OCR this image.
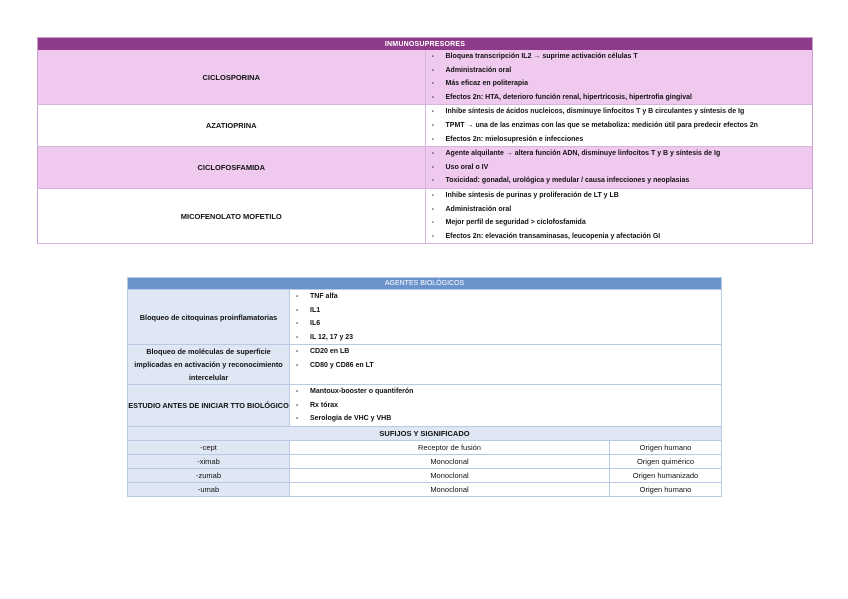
INMUNOSUPRESORES	
CICLOSPORINA	- Bloquea transcripción IL2 → suprime activación células T
- Administración oral
- Más eficaz en politerapia
- Efectos 2n: HTA, deterioro función renal, hipertricosis, hipertrofia gingival

AZATIOPRINA	- Inhibe síntesis de ácidos nucleicos, disminuye linfocitos T y B circulantes y síntesis de Ig
- TPMT → una de las enzimas con las que se metaboliza: medición útil para predecir efectos 2n
- Efectos 2n: mielosupresión e infecciones

CICLOFOSFAMIDA	- Agente alquilante → altera función ADN, disminuye linfocitos T y B y síntesis de Ig
- Uso oral o IV
- Toxicidad: gonadal, urológica y medular / causa infecciones y neoplasias

MICOFENOLATO MOFETILO	- Inhibe síntesis de purinas y proliferación de LT y LB
- Administración oral
- Mejor perfil de seguridad > ciclofosfamida
- Efectos 2n: elevación transaminasas, leucopenia y afectación GI
AGENTES BIOLÓGICOS		
Bloqueo de citoquinas proinflamatorias	- TNF alfa
- IL1
- IL6
- IL 12, 17 y 23	

Bloqueo de moléculas de superficie implicadas en activación y reconocimiento intercelular	- CD20 en LB
- CD80 y CD86 en LT	

ESTUDIO ANTES DE INICIAR TTO BIOLÓGICO	- Mantoux-booster o quantiferón
- Rx tórax
- Serología de VHC y VHB	

SUFIJOS Y SIGNIFICADO		
-cept	Receptor de fusión	Origen humano
-ximab	Monoclonal	Origen quimérico
-zumab	Monoclonal	Origen humanizado
-umab	Monoclonal	Origen humano
